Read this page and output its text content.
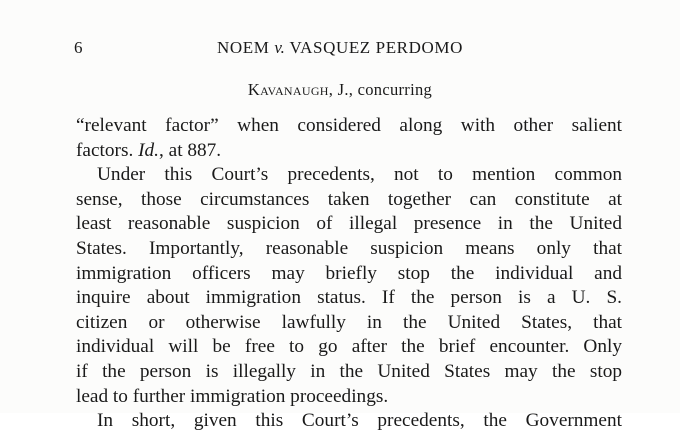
6	NOEM v. VASQUEZ PERDOMO
Kavanaugh, J., concurring
“relevant factor” when considered along with other salient
factors. Id., at 887.
Under this Court’s precedents, not to mention common
sense, those circumstances taken together can constitute at
least reasonable suspicion of illegal presence in the United
States. Importantly, reasonable suspicion means only that
immigration officers may briefly stop the individual and
inquire about immigration status. If the person is a U. S.
citizen or otherwise lawfully in the United States, that
individual will be free to go after the brief encounter. Only
if the person is illegally in the United States may the stop
lead to further immigration proceedings.
In short, given this Court’s precedents, the Government
